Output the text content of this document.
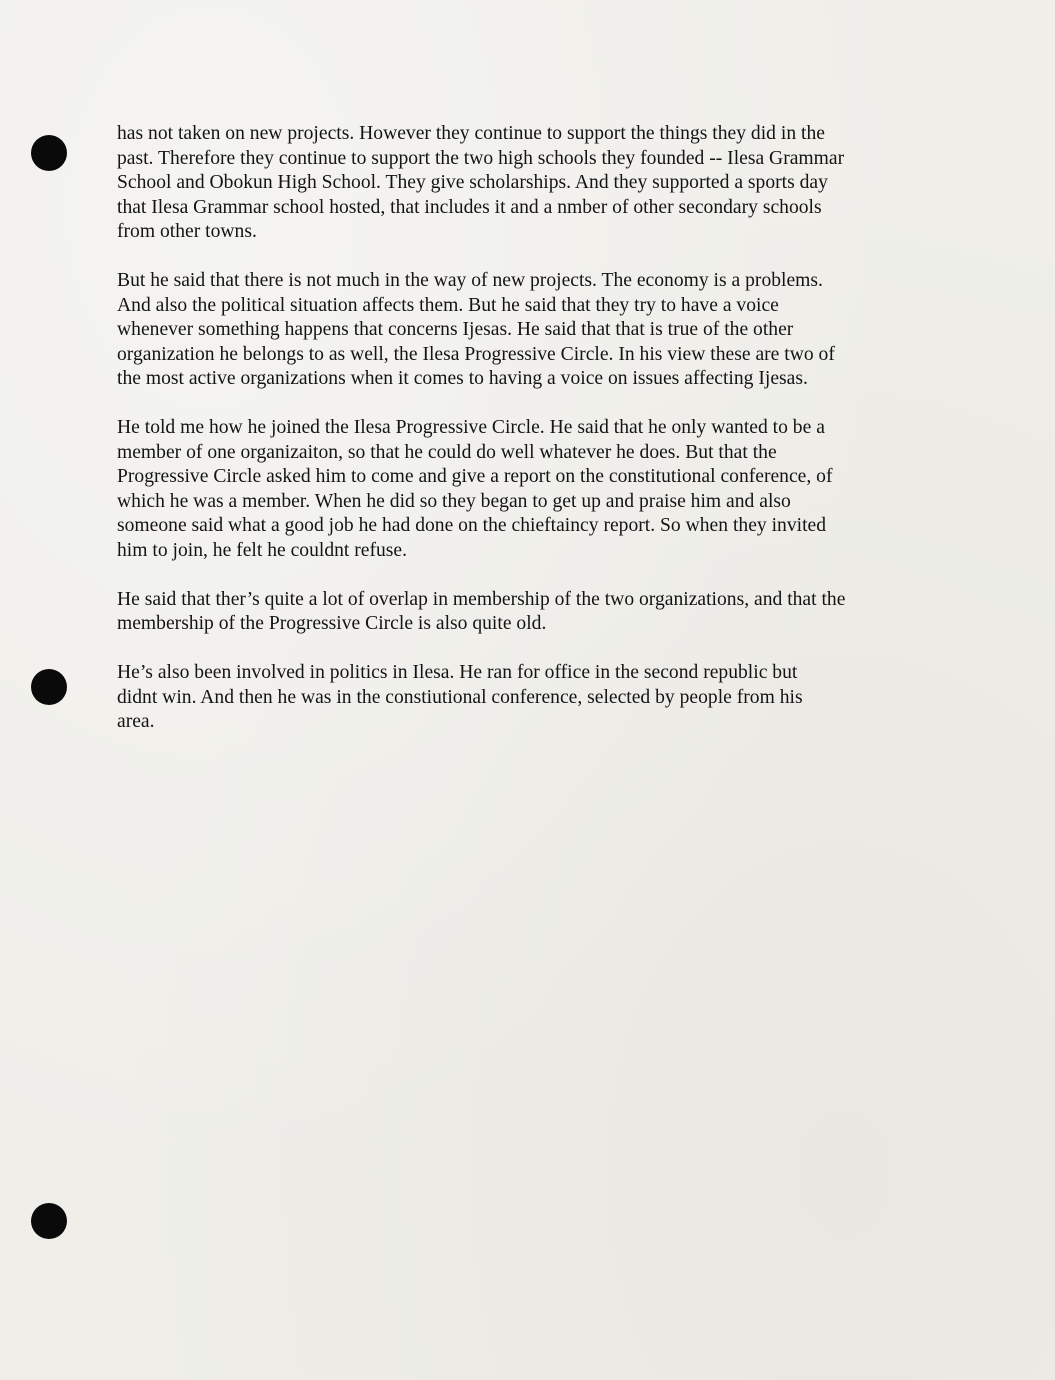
has not taken on new projects. However they continue to support the things they did in the
past. Therefore they continue to support the two high schools they founded -- Ilesa Grammar
School and Obokun High School. They give scholarships. And they supported a sports day
that Ilesa Grammar school hosted, that includes it and a nmber of other secondary schools
from other towns.

But he said that there is not much in the way of new projects. The economy is a problems.
And also the political situation affects them. But he said that they try to have a voice
whenever something happens that concerns Ijesas. He said that that is true of the other
organization he belongs to as well, the Ilesa Progressive Circle. In his view these are two of
the most active organizations when it comes to having a voice on issues affecting Ijesas.

He told me how he joined the Ilesa Progressive Circle. He said that he only wanted to be a
member of one organizaiton, so that he could do well whatever he does. But that the
Progressive Circle asked him to come and give a report on the constitutional conference, of
which he was a member. When he did so they began to get up and praise him and also
someone said what a good job he had done on the chieftaincy report. So when they invited
him to join, he felt he couldnt refuse.

He said that ther’s quite a lot of overlap in membership of the two organizations, and that the
membership of the Progressive Circle is also quite old.

He’s also been involved in politics in Ilesa. He ran for office in the second republic but
didnt win. And then he was in the constiutional conference, selected by people from his
area.
